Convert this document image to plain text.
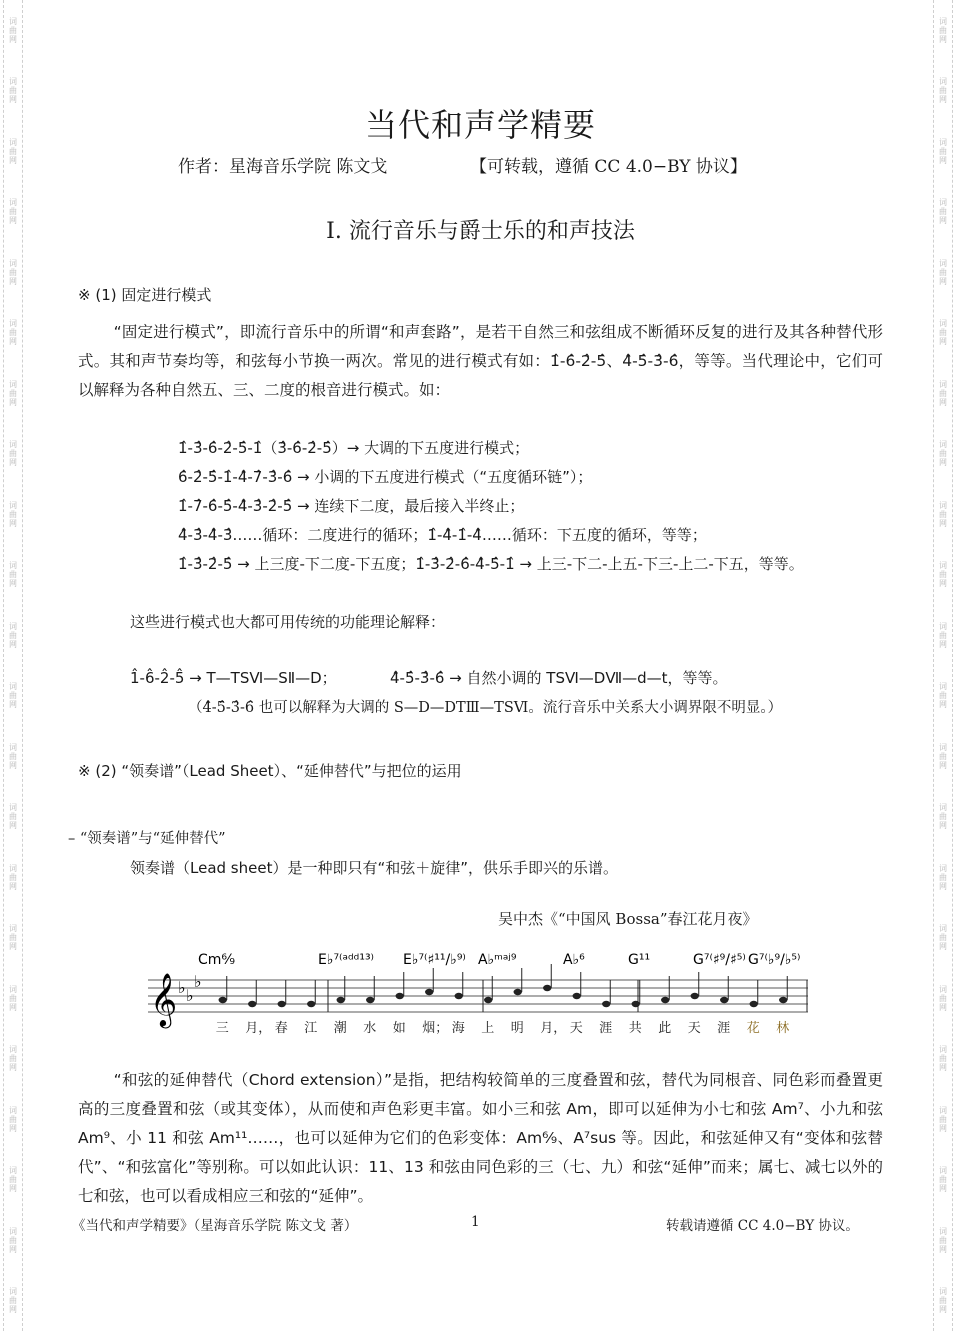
词
曲
网
词
曲
网
词
曲
网
词
曲
网
词
曲
网
词
曲
网
词
曲
网
词
曲
网
词
曲
网
词
曲
网
词
曲
网
词
曲
网
词
曲
网
词
曲
网
词
曲
网
词
曲
网
词
曲
网
词
曲
网
词
曲
网
词
曲
网
词
曲
网
词
曲
网
词
曲
网
词
曲
网
词
曲
网
词
曲
网
词
曲
网
词
曲
网
词
曲
网
词
曲
网
词
曲
网
词
曲
网
词
曲
网
词
曲
网
词
曲
网
词
曲
网
词
曲
网
词
曲
网
词
曲
网
词
曲
网
词
曲
网
词
曲
网
词
曲
网
词
曲
网
当代和声学精要
作者：星海音乐学院 陈文戈	【可转载，遵循 CC 4.0−BY 协议】
I. 流行音乐与爵士乐的和声技法
※ (1) 固定进行模式
“固定进行模式”，即流行音乐中的所谓“和声套路”，是若干自然三和弦组成不断循环反复的进行及其各种替代形式。其和声节奏均等，和弦每小节换一两次。常见的进行模式有如：1̂-6̂-2̂-5̂、4̂-5̂-3̂-6̂，等等。当代理论中，它们可以解释为各种自然五、三、二度的根音进行模式。如：
1̂-3̂-6̂-2̂-5̂-1̂（3̂-6̂-2̂-5̂）→ 大调的下五度进行模式；
6̂-2̂-5̂-1̂-4̂-7̂-3̂-6̂ → 小调的下五度进行模式（“五度循环链”）；
1̂-7̂-6̂-5̂-4̂-3̂-2̂-5̂ → 连续下二度，最后接入半终止；
4̂-3̂-4̂-3̂……循环：二度进行的循环；1̂-4̂-1̂-4̂……循环：下五度的循环，等等；
1̂-3̂-2̂-5̂ → 上三度-下二度-下五度；1̂-3̂-2̂-6̂-4̂-5̂-1̂ → 上三-下二-上五-下三-上二-下五，等等。
这些进行模式也大都可用传统的功能理论解释：
1̂-6̂-2̂-5̂ → T—TSⅥ—SⅡ—D；	4̂-5̂-3̂-6̂ → 自然小调的 TSⅥ—DⅦ—d—t，等等。
（4̂-5̂-3̂-6̂ 也可以解释为大调的 S—D—DTⅢ—TSⅥ。流行音乐中关系大小调界限不明显。）
※ (2) “领奏谱”（Lead Sheet）、“延伸替代”与把位的运用
– “领奏谱”与“延伸替代”
领奏谱（Lead sheet）是一种即只有“和弦＋旋律”，供乐手即兴的乐谱。
吴中杰《“中国风 Bossa”春江花月夜》
𝄞 ♭ ♭
♭
Cm⁶⁄₉	E♭⁷⁽ᵃᵈᵈ¹³⁾ E♭⁷⁽♯¹¹/♭⁹⁾ A♭ᵐᵃʲ⁹	A♭⁶	G¹¹	G⁷⁽♯⁹/♯⁵⁾ G⁷⁽♭⁹/♭⁵⁾
三 月， 春 江 潮 水 如 烟； 海 上 明 月， 天 涯 共 此 天 涯 花 林
“和弦的延伸替代（Chord extension）”是指，把结构较简单的三度叠置和弦，替代为同根音、同色彩而叠置更高的三度叠置和弦（或其变体），从而使和声色彩更丰富。如小三和弦 Am，即可以延伸为小七和弦 Am⁷、小九和弦 Am⁹、小 11 和弦 Am¹¹……，也可以延伸为它们的色彩变体：Am⁶⁄₉、A⁷sus 等。因此，和弦延伸又有“变体和弦替代”、“和弦富化”等别称。可以如此认识：11、13 和弦由同色彩的三（七、九）和弦“延伸”而来；属七、减七以外的七和弦，也可以看成相应三和弦的“延伸”。
《当代和声学精要》（星海音乐学院 陈文戈 著）	1	转载请遵循 CC 4.0−BY 协议。
